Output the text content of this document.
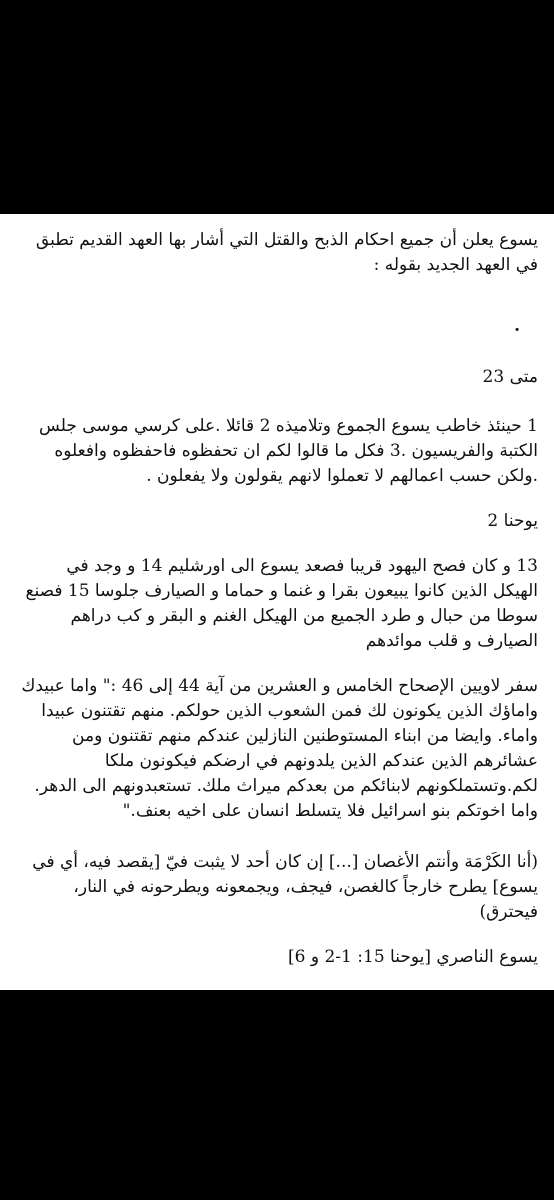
يسوع يعلن أن جميع احكام الذبح والقتل التي أشار بها العهد القديم تطبق في العهد الجديد بقوله :

.

متى 23

1 حينئذ خاطب يسوع الجموع وتلاميذه 2 قائلا .على كرسي موسى جلس الكتبة والفريسيون .3 فكل ما قالوا لكم ان تحفظوه فاحفظوه وافعلوه .ولكن حسب اعمالهم لا تعملوا لانهم يقولون ولا يفعلون .

يوحنا 2

13 و كان فصح اليهود قريبا فصعد يسوع الى اورشليم 14 و وجد في الهيكل الذين كانوا يبيعون بقرا و غنما و حماما و الصيارف جلوسا 15 فصنع سوطا من حبال و طرد الجميع من الهيكل الغنم و البقر و كب دراهم الصيارف و قلب موائدهم

سفر لاويين الإصحاح الخامس و العشرين من آية 44 إلى 46 :" واما عبيدك واماؤك الذين يكونون لك فمن الشعوب الذين حولكم. منهم تقتنون عبيدا واماء. وايضا من ابناء المستوطنين النازلين عندكم منهم تقتنون ومن عشائرهم الذين عندكم الذين يلدونهم في ارضكم فيكونون ملكا لكم.وتستملكونهم لابنائكم من بعدكم ميراث ملك. تستعبدونهم الى الدهر. واما اخوتكم بنو اسرائيل فلا يتسلط انسان على اخيه بعنف."

(أنا الكَرْمَة وأنتم الأغصان [...] إن كان أحد لا يثبت فيّ [يقصد فيه، أي في يسوع] يطرح خارجاً كالغصن، فيجف، ويجمعونه ويطرحونه في النار، فيحترق)

يسوع الناصري [يوحنا 15: 1-2 و 6]
